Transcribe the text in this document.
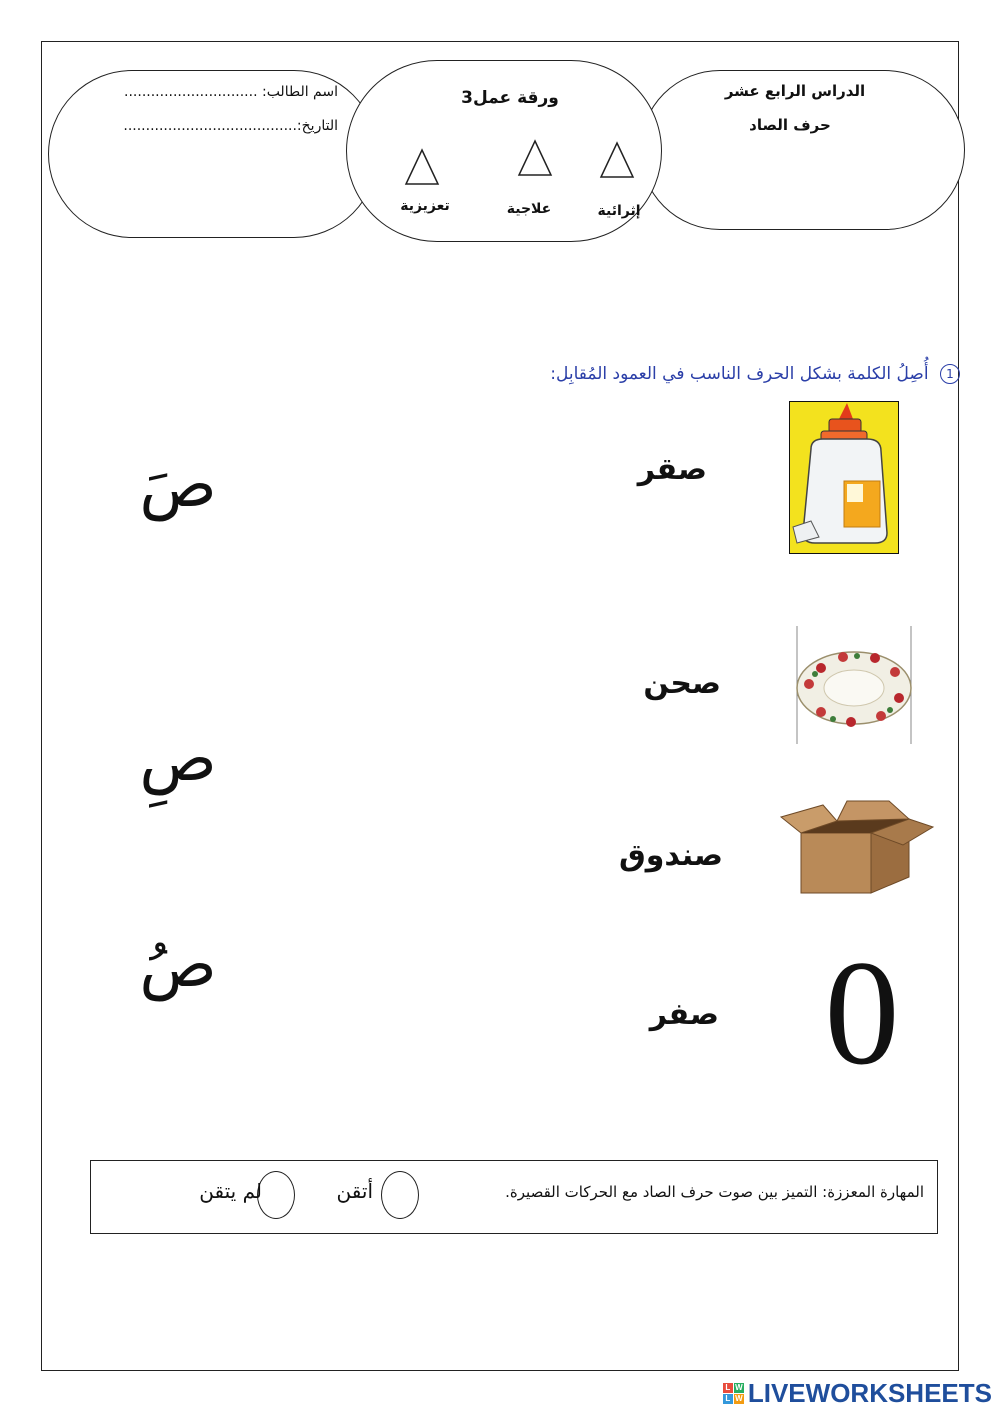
الدراس الرابع عشر
حرف الصاد
اسم الطالب: ..............................
التاريخ:.......................................
ورقة عمل3
إثرائية
علاجية
تعزيزية
1 أُصِلُ الكلمة بشكل الحرف الناسب في العمود المُقابِل:
0
صقر
صحن
صندوق
صفر
صَ
صِ
صُ
المهارة المعززة: التميز بين صوت حرف الصاد مع الحركات القصيرة.
أتقن
لم يتقن
L W
L W LIVEWORKSHEETS
